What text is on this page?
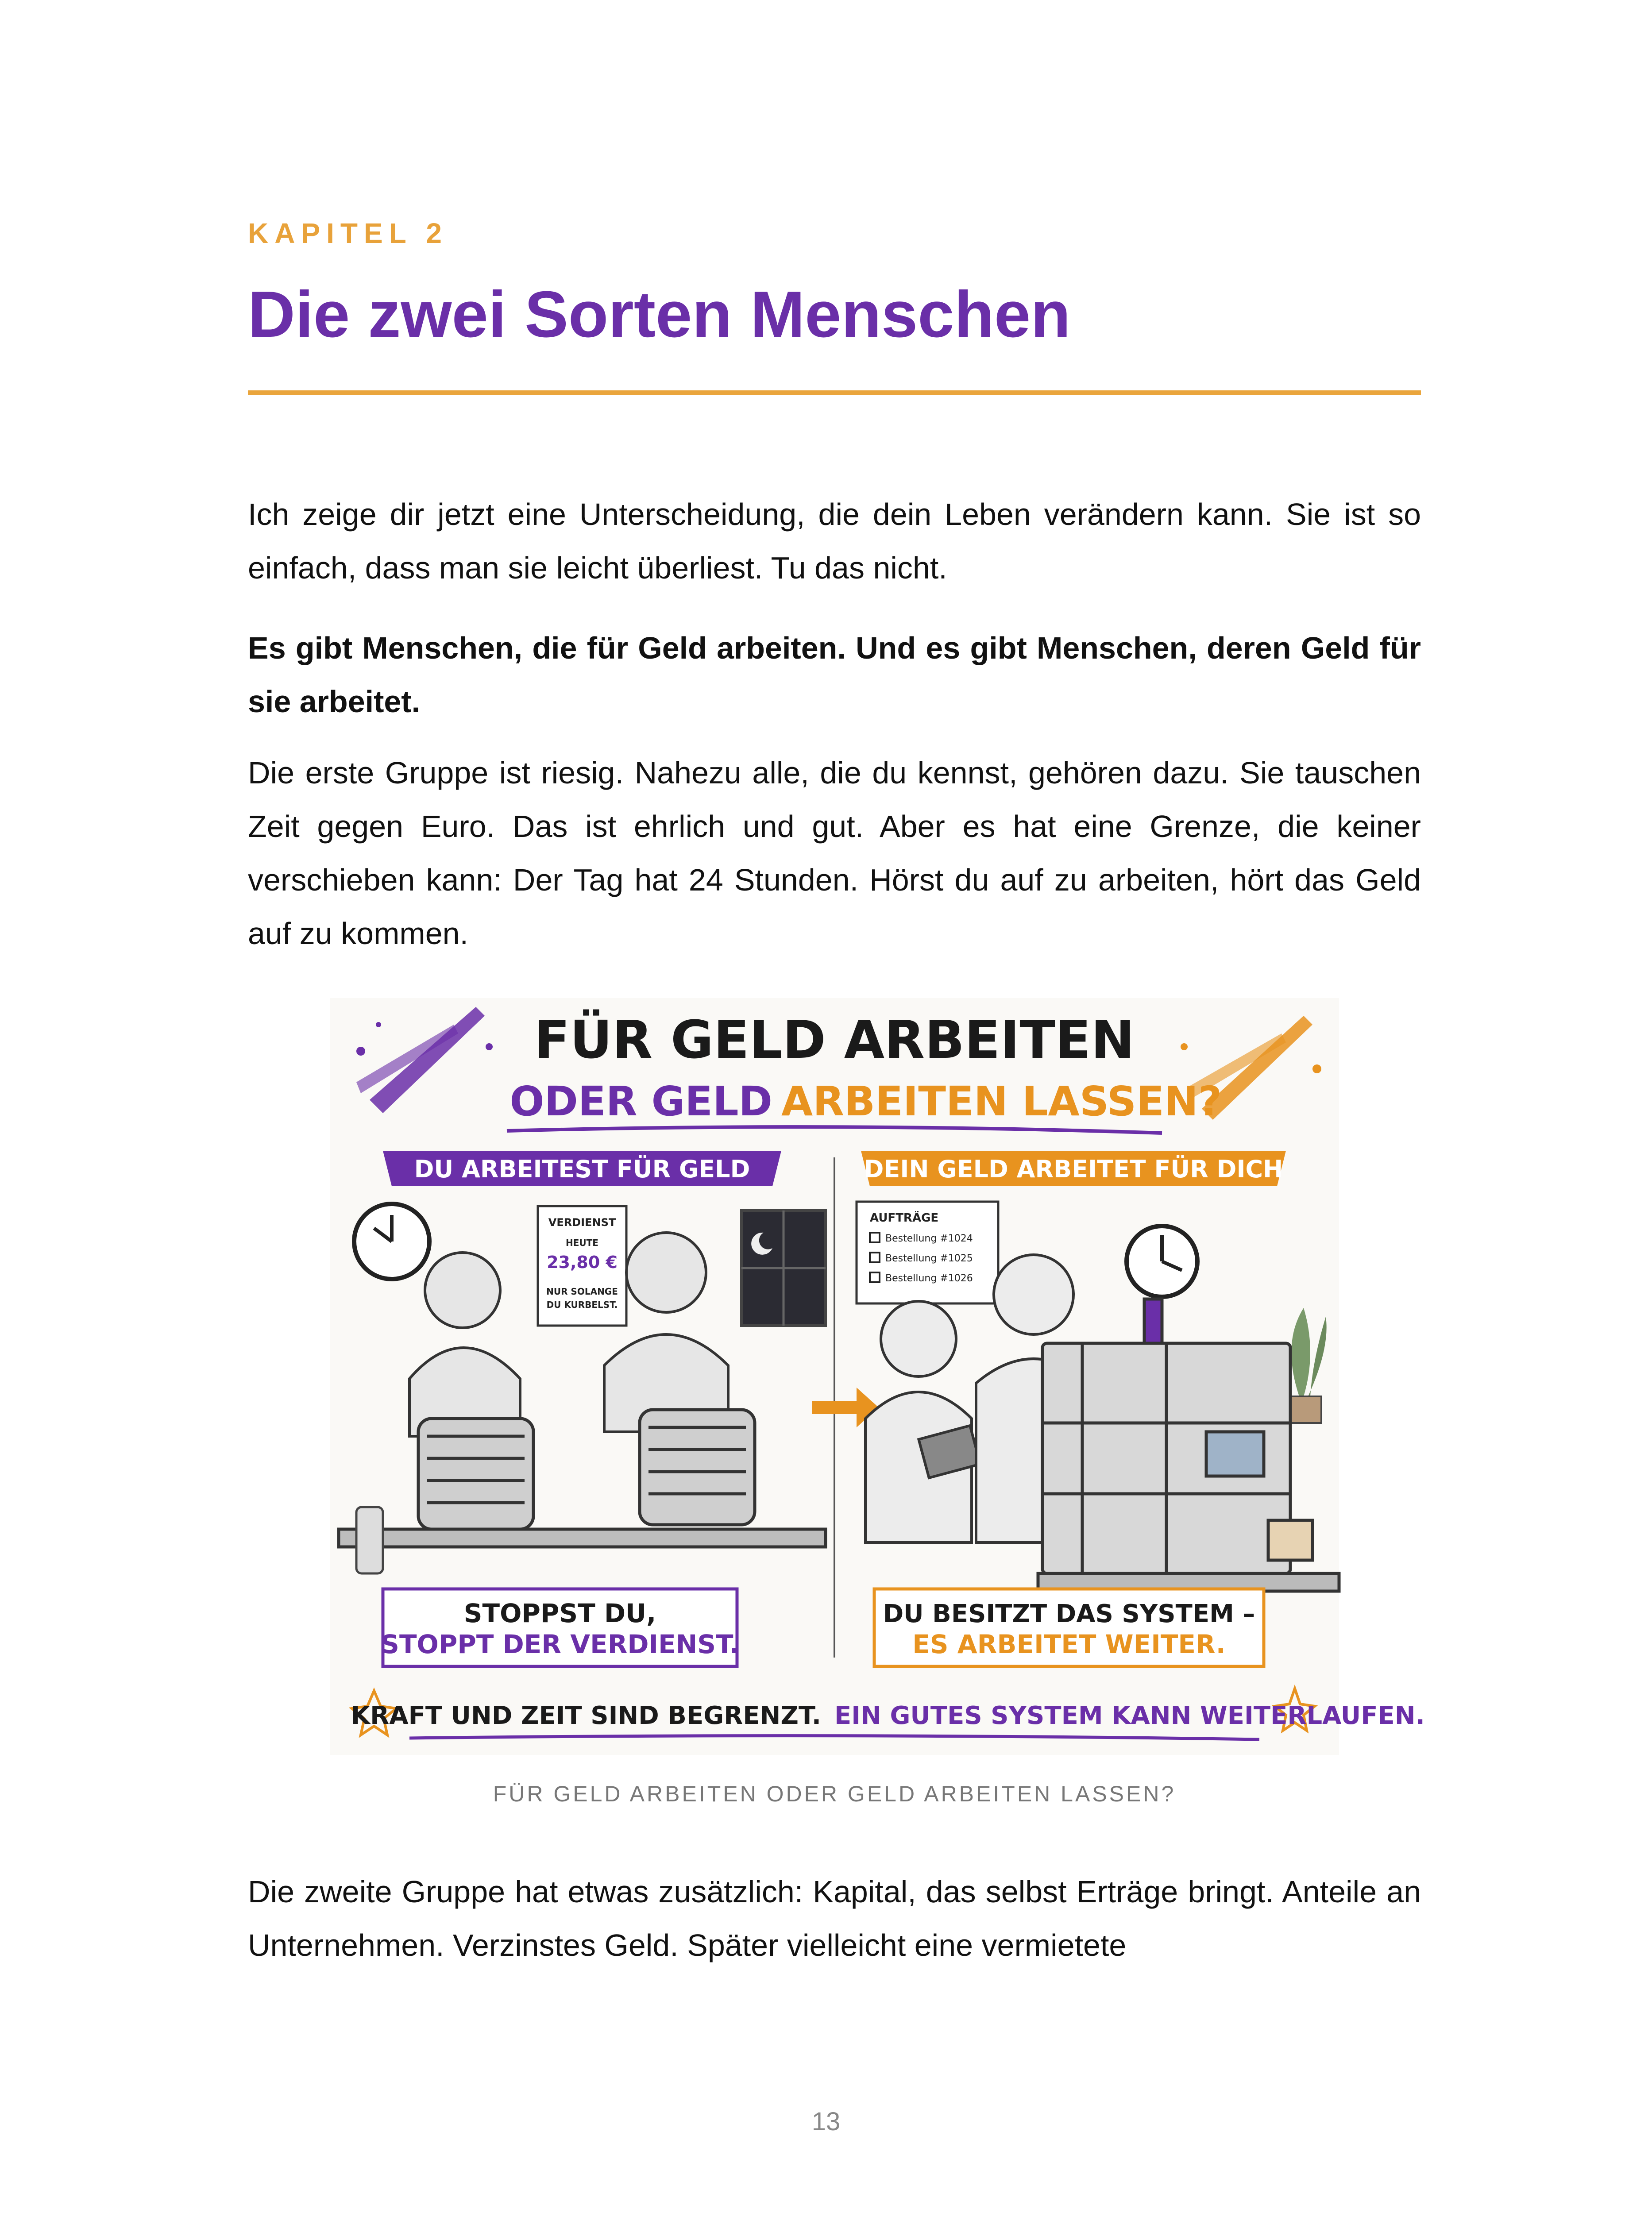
KAPITEL 2
Die zwei Sorten Menschen

Ich zeige dir jetzt eine Unterscheidung, die dein Leben verändern kann. Sie ist so einfach, dass man sie leicht überliest. Tu das nicht.

Es gibt Menschen, die für Geld arbeiten. Und es gibt Menschen, deren Geld für sie arbeitet.

Die erste Gruppe ist riesig. Nahezu alle, die du kennst, gehören dazu. Sie tauschen Zeit gegen Euro. Das ist ehrlich und gut. Aber es hat eine Grenze, die keiner verschieben kann: Der Tag hat 24 Stunden. Hörst du auf zu arbeiten, hört das Geld auf zu kommen.

FÜR GELD ARBEITEN
ODER GELD ARBEITEN LASSEN?
DU ARBEITEST FÜR GELD
VERDIENST
HEUTE
23,80 €
NUR SOLANGE
DU KURBELST.
STOPPST DU,
STOPPT DER VERDIENST.
DEIN GELD ARBEITET FÜR DICH
AUFTRÄGE
Bestellung #1024
Bestellung #1025
Bestellung #1026
DU BESITZT DAS SYSTEM –
ES ARBEITET WEITER.
KRAFT UND ZEIT SIND BEGRENZT. EIN GUTES SYSTEM KANN WEITERLAUFEN.
FÜR GELD ARBEITEN ODER GELD ARBEITEN LASSEN?

Die zweite Gruppe hat etwas zusätzlich: Kapital, das selbst Erträge bringt. Anteile an Unternehmen. Verzinstes Geld. Später vielleicht eine vermietete

13
